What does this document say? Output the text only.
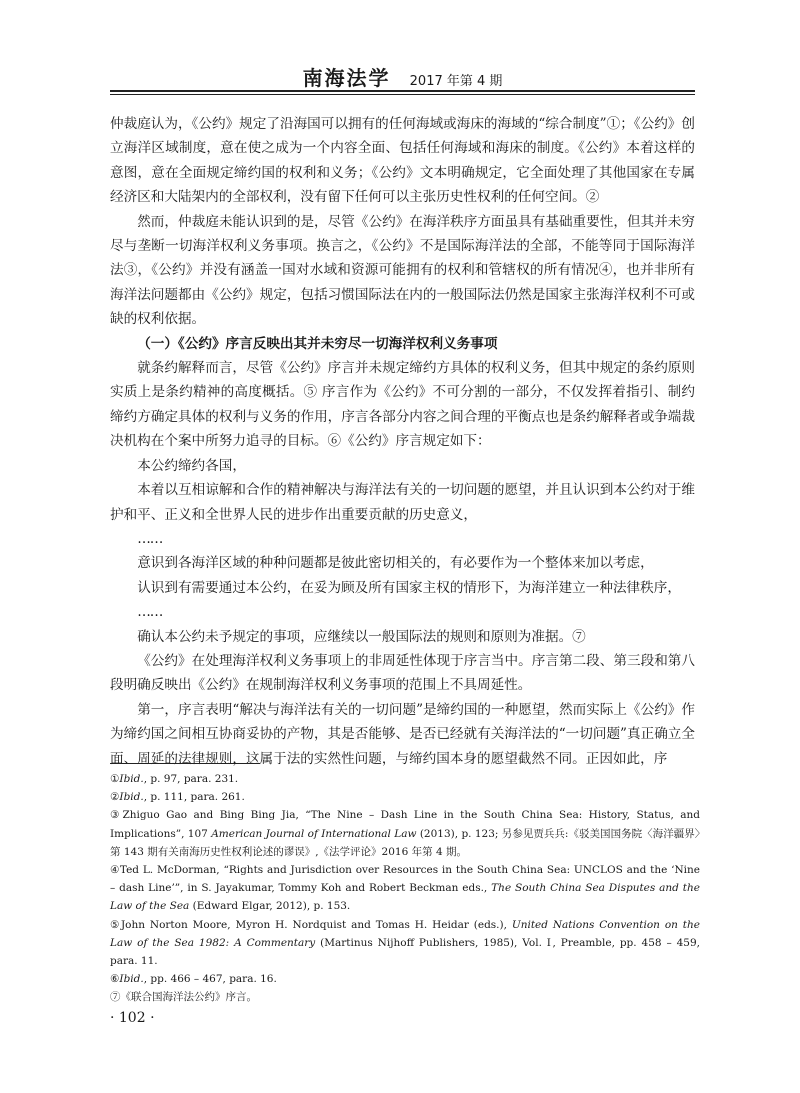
南海法学 2017 年第 4 期

仲裁庭认为，《公约》规定了沿海国可以拥有的任何海域或海床的海域的“综合制度”①；《公约》创立海洋区域制度，意在使之成为一个内容全面、包括任何海域和海床的制度。《公约》本着这样的意图，意在全面规定缔约国的权利和义务；《公约》文本明确规定，它全面处理了其他国家在专属经济区和大陆架内的全部权利，没有留下任何可以主张历史性权利的任何空间。②

然而，仲裁庭未能认识到的是，尽管《公约》在海洋秩序方面虽具有基础重要性，但其并未穷尽与垄断一切海洋权利义务事项。换言之，《公约》不是国际海洋法的全部，不能等同于国际海洋法③，《公约》并没有涵盖一国对水域和资源可能拥有的权利和管辖权的所有情况④，也并非所有海洋法问题都由《公约》规定，包括习惯国际法在内的一般国际法仍然是国家主张海洋权利不可或缺的权利依据。

（一）《公约》序言反映出其并未穷尽一切海洋权利义务事项

就条约解释而言，尽管《公约》序言并未规定缔约方具体的权利义务，但其中规定的条约原则实质上是条约精神的高度概括。⑤ 序言作为《公约》不可分割的一部分，不仅发挥着指引、制约缔约方确定具体的权利与义务的作用，序言各部分内容之间合理的平衡点也是条约解释者或争端裁决机构在个案中所努力追寻的目标。⑥《公约》序言规定如下：

本公约缔约各国，

本着以互相谅解和合作的精神解决与海洋法有关的一切问题的愿望，并且认识到本公约对于维护和平、正义和全世界人民的进步作出重要贡献的历史意义，

……

意识到各海洋区域的种种问题都是彼此密切相关的，有必要作为一个整体来加以考虑，

认识到有需要通过本公约，在妥为顾及所有国家主权的情形下，为海洋建立一种法律秩序，

……

确认本公约未予规定的事项，应继续以一般国际法的规则和原则为准据。⑦

《公约》在处理海洋权利义务事项上的非周延性体现于序言当中。序言第二段、第三段和第八段明确反映出《公约》在规制海洋权利义务事项的范围上不具周延性。

第一，序言表明“解决与海洋法有关的一切问题”是缔约国的一种愿望，然而实际上《公约》作为缔约国之间相互协商妥协的产物，其是否能够、是否已经就有关海洋法的“一切问题”真正确立全面、周延的法律规则，这属于法的实然性问题，与缔约国本身的愿望截然不同。正因如此，序

①Ibid., p. 97, para. 231.

②Ibid., p. 111, para. 261.

③Zhiguo Gao and Bing Bing Jia, “The Nine – Dash Line in the South China Sea: History, Status, and Implications”, 107 American Journal of International Law (2013), p. 123; 另参见贾兵兵:《驳美国国务院〈海洋疆界〉第 143 期有关南海历史性权利论述的谬误》,《法学评论》2016 年第 4 期。

④Ted L. McDorman, “Rights and Jurisdiction over Resources in the South China Sea: UNCLOS and the ‘Nine – dash Line’”, in S. Jayakumar, Tommy Koh and Robert Beckman eds., The South China Sea Disputes and the Law of the Sea (Edward Elgar, 2012), p. 153.

⑤John Norton Moore, Myron H. Nordquist and Tomas H. Heidar (eds.), United Nations Convention on the Law of the Sea 1982: A Commentary (Martinus Nijhoff Publishers, 1985), Vol. Ⅰ, Preamble, pp. 458 – 459, para. 11.

⑥Ibid., pp. 466 – 467, para. 16.

⑦《联合国海洋法公约》序言。

· 102 ·
